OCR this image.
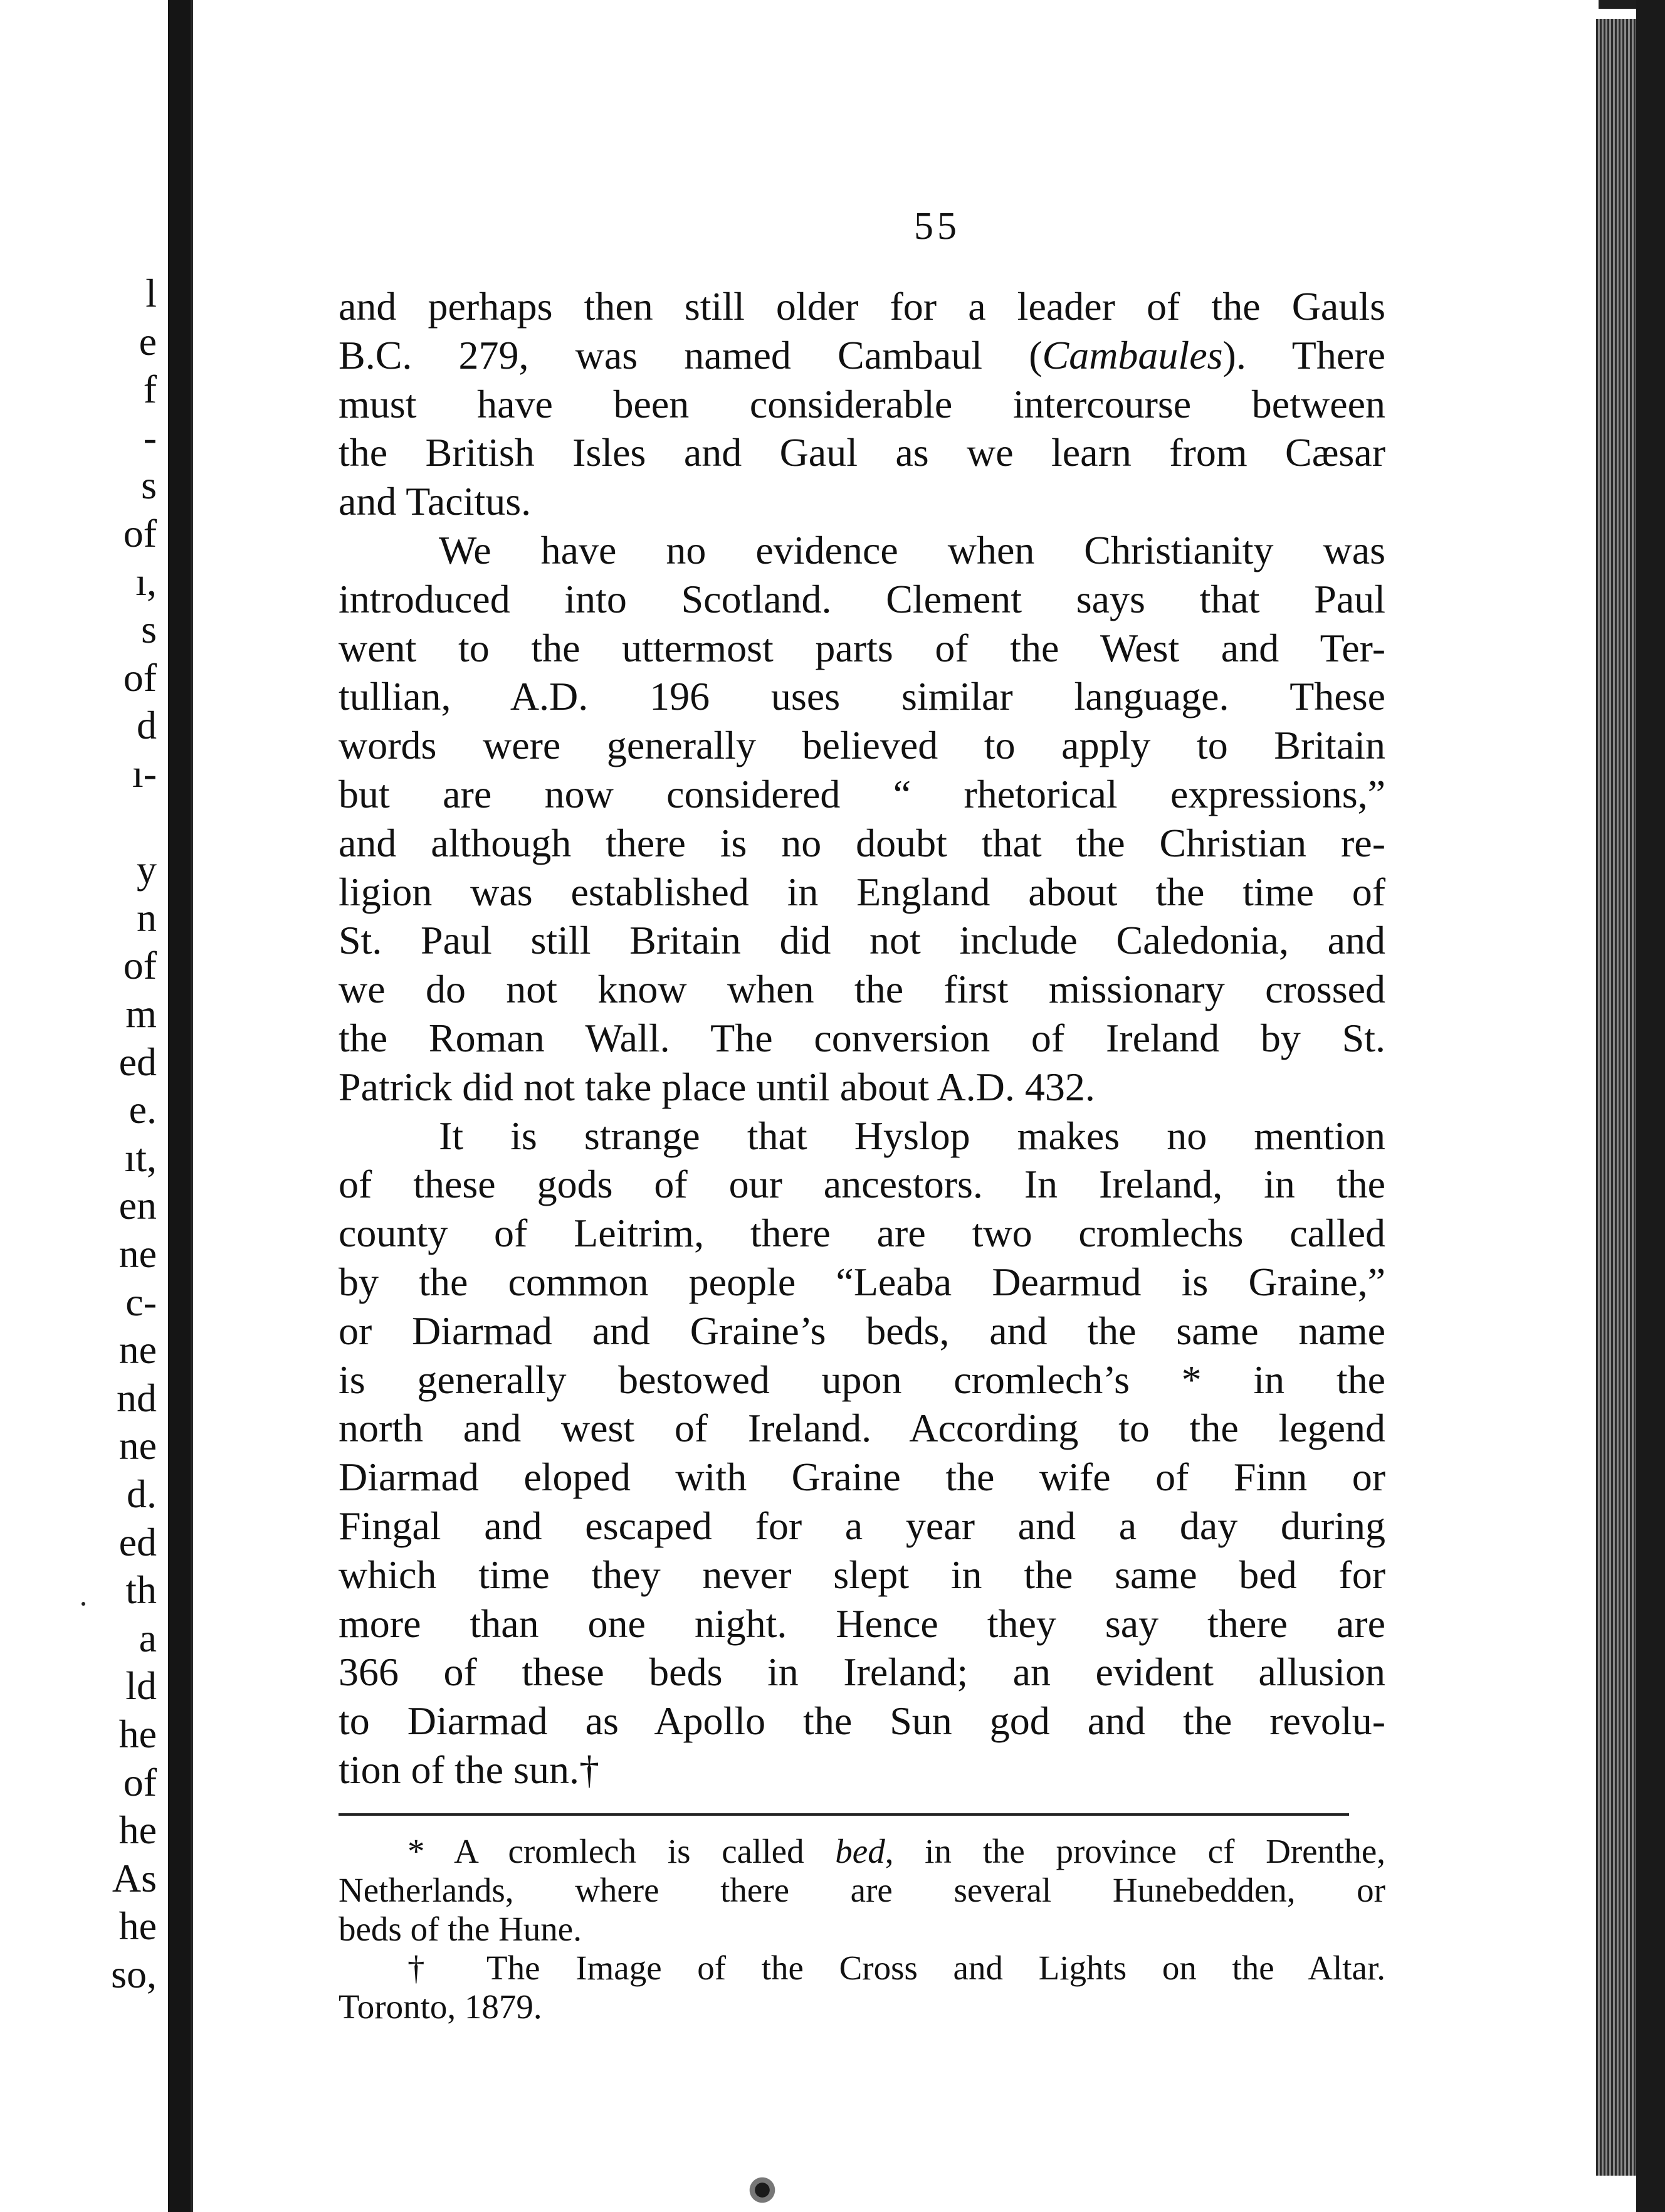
l
e
f
-
s
of
ı,
s
of
d
ı-
y
n
of
m
ed
e.
ıt,
en
ne
c-
ne
nd
ne
d.
ed
th
a
ld
he
of
he
As
he
so,
55
and perhaps then still older for a leader of the Gauls
B.C. 279, was named Cambaul (Cambaules). There
must have been considerable intercourse between
the British Isles and Gaul as we learn from Cæsar
and Tacitus.
We have no evidence when Christianity was
introduced into Scotland. Clement says that Paul
went to the uttermost parts of the West and Ter-
tullian, A.D. 196 uses similar language. These
words were generally believed to apply to Britain
but are now considered “ rhetorical expressions,”
and although there is no doubt that the Christian re-
ligion was established in England about the time of
St. Paul still Britain did not include Caledonia, and
we do not know when the first missionary crossed
the Roman Wall. The conversion of Ireland by St.
Patrick did not take place until about A.D. 432.
It is strange that Hyslop makes no mention
of these gods of our ancestors. In Ireland, in the
county of Leitrim, there are two cromlechs called
by the common people “Leaba Dearmud is Graine,”
or Diarmad and Graine’s beds, and the same name
is generally bestowed upon cromlech’s * in the
north and west of Ireland. According to the legend
Diarmad eloped with Graine the wife of Finn or
Fingal and escaped for a year and a day during
which time they never slept in the same bed for
more than one night. Hence they say there are
366 of these beds in Ireland; an evident allusion
to Diarmad as Apollo the Sun god and the revolu-
tion of the sun.†
* A cromlech is called bed, in the province cf Drenthe,
Netherlands, where there are several Hunebedden, or
beds of the Hune.
† The Image of the Cross and Lights on the Altar.
Toronto, 1879.
